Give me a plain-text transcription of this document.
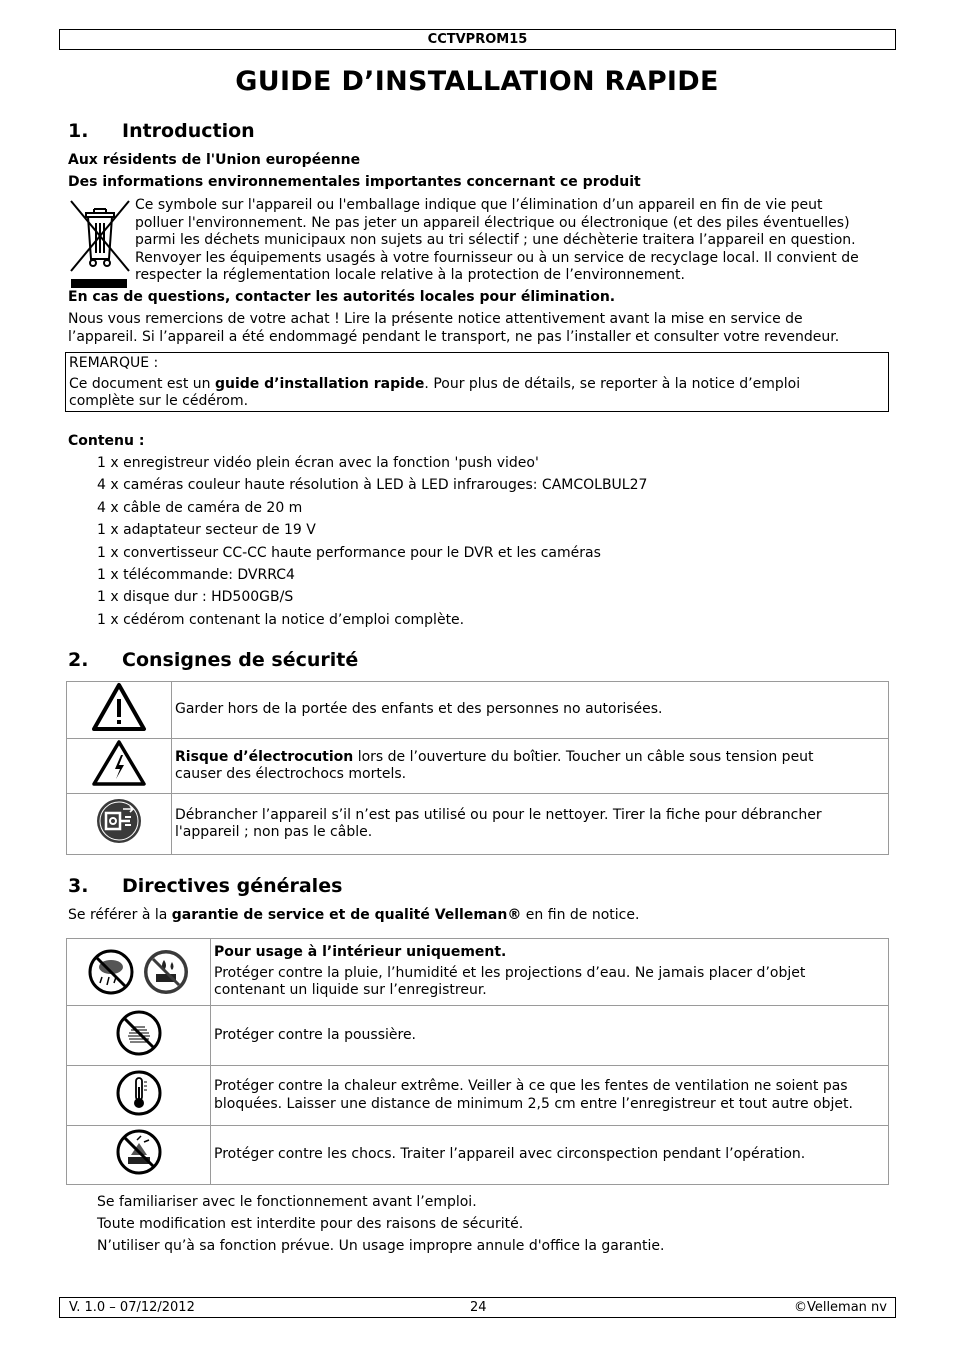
CCTVPROM15
GUIDE D’INSTALLATION RAPIDE
1. Introduction
Aux résidents de l'Union européenne
Des informations environnementales importantes concernant ce produit
Ce symbole sur l'appareil ou l'emballage indique que l’élimination d’un appareil en fin de vie peut
polluer l'environnement. Ne pas jeter un appareil électrique ou électronique (et des piles éventuelles)
parmi les déchets municipaux non sujets au tri sélectif ; une déchèterie traitera l’appareil en question.
Renvoyer les équipements usagés à votre fournisseur ou à un service de recyclage local. Il convient de
respecter la réglementation locale relative à la protection de l’environnement.
En cas de questions, contacter les autorités locales pour élimination.
Nous vous remercions de votre achat ! Lire la présente notice attentivement avant la mise en service de
l’appareil. Si l’appareil a été endommagé pendant le transport, ne pas l’installer et consulter votre revendeur.
REMARQUE :
Ce document est un guide d’installation rapide. Pour plus de détails, se reporter à la notice d’emploi
complète sur le cédérom.
Contenu :
1 x enregistreur vidéo plein écran avec la fonction 'push video'
4 x caméras couleur haute résolution à LED à LED infrarouges: CAMCOLBUL27
4 x câble de caméra de 20 m
1 x adaptateur secteur de 19 V
1 x convertisseur CC-CC haute performance pour le DVR et les caméras
1 x télécommande: DVRRC4
1 x disque dur : HD500GB/S
1 x cédérom contenant la notice d’emploi complète.
2. Consignes de sécurité
	Garder hors de la portée des enfants et des personnes no autorisées.

Risque d’électrocution lors de l’ouverture du boîtier. Toucher un câble sous tension peut
causer des électrochocs mortels.

Débrancher l’appareil s’il n’est pas utilisé ou pour le nettoyer. Tirer la fiche pour débrancher
l'appareil ; non pas le câble.
3. Directives générales
Se référer à la garantie de service et de qualité Velleman® en fin de notice.

Pour usage à l’intérieur uniquement.
Protéger contre la pluie, l’humidité et les projections d’eau. Ne jamais placer d’objet
contenant un liquide sur l’enregistreur.

	Protéger contre la poussière.

Protéger contre la chaleur extrême. Veiller à ce que les fentes de ventilation ne soient pas
bloquées. Laisser une distance de minimum 2,5 cm entre l’enregistreur et tout autre objet.

	Protéger contre les chocs. Traiter l’appareil avec circonspection pendant l’opération.
Se familiariser avec le fonctionnement avant l’emploi.
Toute modification est interdite pour des raisons de sécurité.
N’utiliser qu’à sa fonction prévue. Un usage impropre annule d'office la garantie.
V. 1.0 – 07/12/2012	24	©Velleman nv
